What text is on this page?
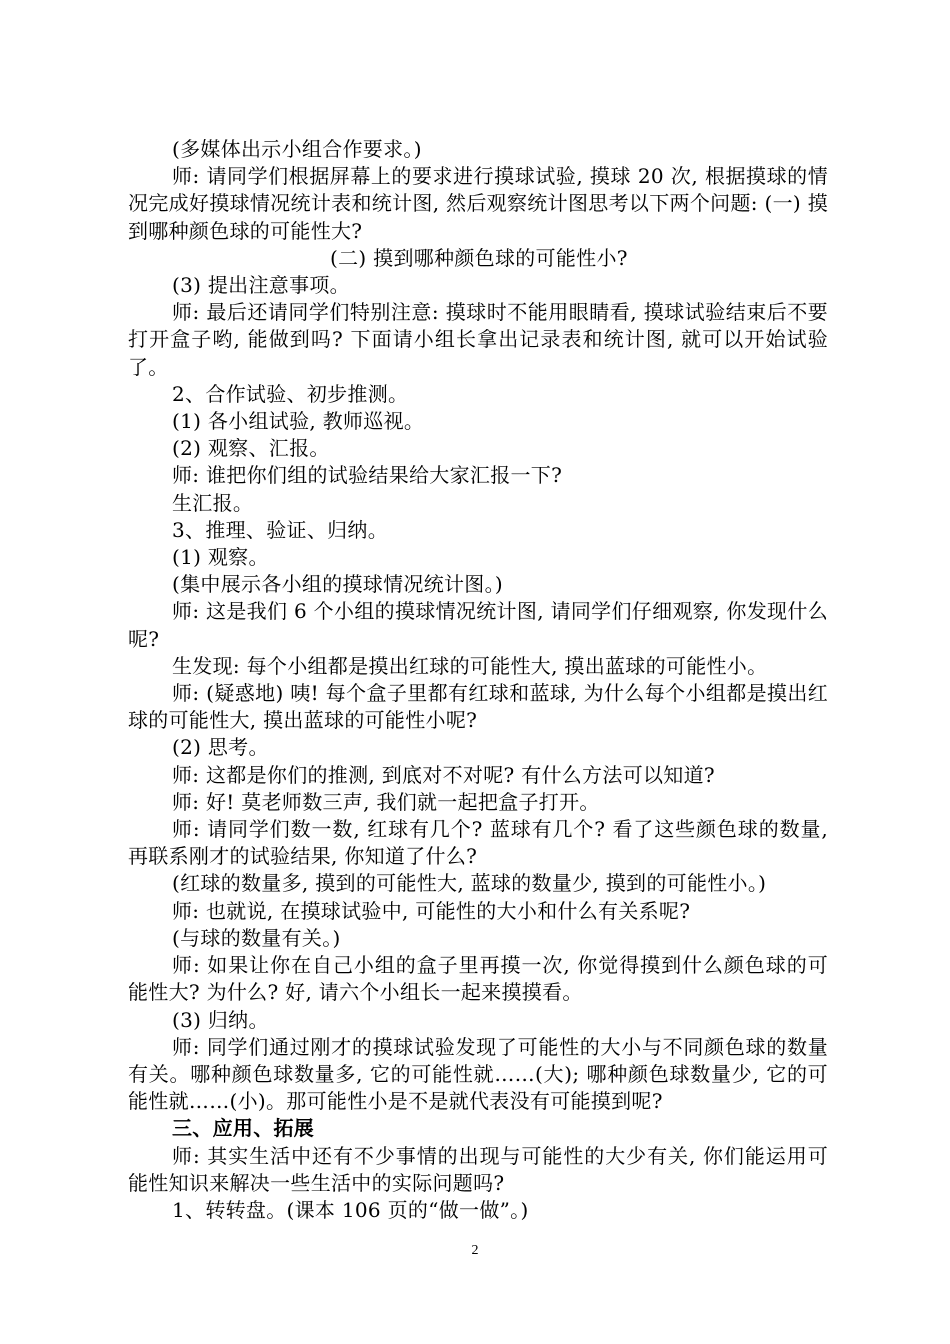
(多媒体出示小组合作要求。)

师: 请同学们根据屏幕上的要求进行摸球试验, 摸球 20 次, 根据摸球的情况完成好摸球情况统计表和统计图, 然后观察统计图思考以下两个问题: (一) 摸到哪种颜色球的可能性大?

(二) 摸到哪种颜色球的可能性小?

(3) 提出注意事项。

师: 最后还请同学们特别注意: 摸球时不能用眼睛看, 摸球试验结束后不要打开盒子哟, 能做到吗? 下面请小组长拿出记录表和统计图, 就可以开始试验了。

2、合作试验、初步推测。

(1) 各小组试验, 教师巡视。

(2) 观察、汇报。

师: 谁把你们组的试验结果给大家汇报一下?

生汇报。

3、推理、验证、归纳。

(1) 观察。

(集中展示各小组的摸球情况统计图。)

师: 这是我们 6 个小组的摸球情况统计图, 请同学们仔细观察, 你发现什么呢?

生发现: 每个小组都是摸出红球的可能性大, 摸出蓝球的可能性小。

师: (疑惑地) 咦! 每个盒子里都有红球和蓝球, 为什么每个小组都是摸出红球的可能性大, 摸出蓝球的可能性小呢?

(2) 思考。

师: 这都是你们的推测, 到底对不对呢? 有什么方法可以知道?

师: 好! 莫老师数三声, 我们就一起把盒子打开。

师: 请同学们数一数, 红球有几个? 蓝球有几个? 看了这些颜色球的数量, 再联系刚才的试验结果, 你知道了什么?

(红球的数量多, 摸到的可能性大, 蓝球的数量少, 摸到的可能性小。)

师: 也就说, 在摸球试验中, 可能性的大小和什么有关系呢?

(与球的数量有关。)

师: 如果让你在自己小组的盒子里再摸一次, 你觉得摸到什么颜色球的可能性大? 为什么? 好, 请六个小组长一起来摸摸看。

(3) 归纳。

师: 同学们通过刚才的摸球试验发现了可能性的大小与不同颜色球的数量有关。哪种颜色球数量多, 它的可能性就……(大); 哪种颜色球数量少, 它的可能性就……(小)。那可能性小是不是就代表没有可能摸到呢?

三、应用、拓展

师: 其实生活中还有不少事情的出现与可能性的大少有关, 你们能运用可能性知识来解决一些生活中的实际问题吗?

1、转转盘。(课本 106 页的“做一做”。)

2
